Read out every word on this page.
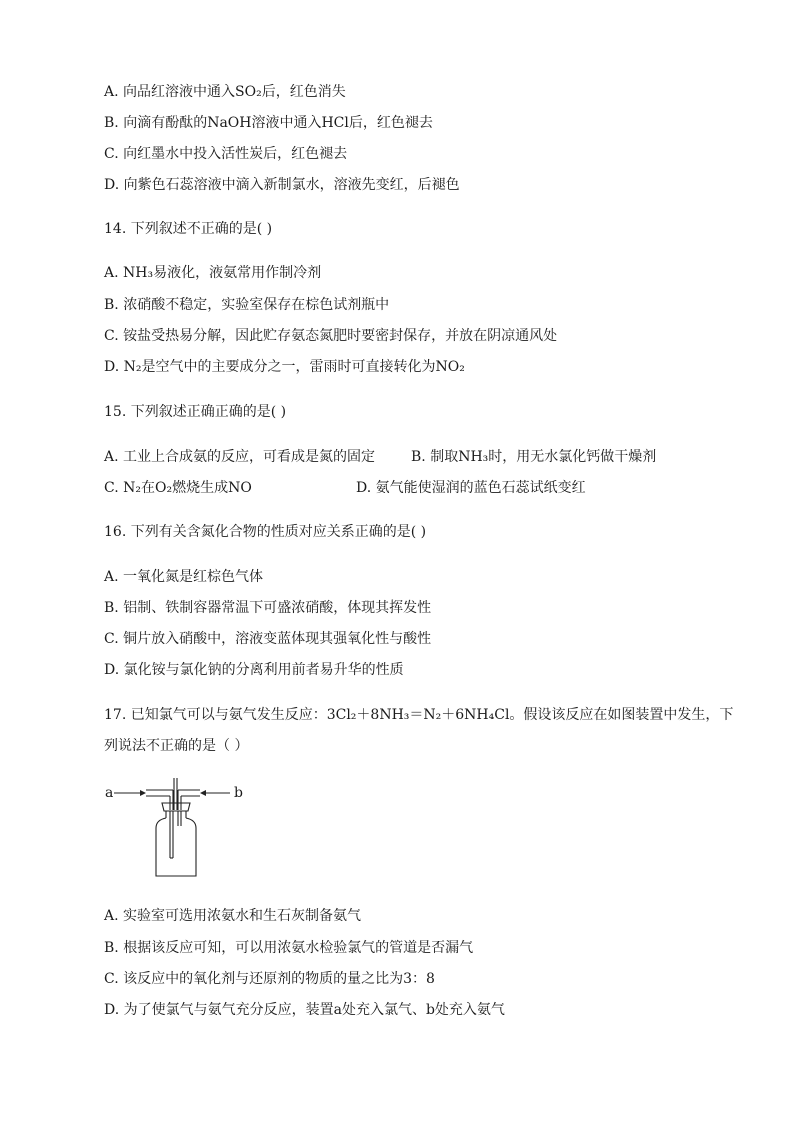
A. 向品红溶液中通入SO₂后，红色消失
B. 向滴有酚酞的NaOH溶液中通入HCl后，红色褪去
C. 向红墨水中投入活性炭后，红色褪去
D. 向紫色石蕊溶液中滴入新制氯水，溶液先变红，后褪色
14. 下列叙述不正确的是( )
A. NH₃易液化，液氨常用作制冷剂
B. 浓硝酸不稳定，实验室保存在棕色试剂瓶中
C. 铵盐受热易分解，因此贮存氨态氮肥时要密封保存，并放在阴凉通风处
D. N₂是空气中的主要成分之一，雷雨时可直接转化为NO₂
15. 下列叙述正确正确的是( )
A. 工业上合成氨的反应，可看成是氮的固定	B. 制取NH₃时，用无水氯化钙做干燥剂
C. N₂在O₂燃烧生成NO	D. 氨气能使湿润的蓝色石蕊试纸变红
16. 下列有关含氮化合物的性质对应关系正确的是( )
A. 一氧化氮是红棕色气体
B. 铝制、铁制容器常温下可盛浓硝酸，体现其挥发性
C. 铜片放入硝酸中，溶液变蓝体现其强氧化性与酸性
D. 氯化铵与氯化钠的分离利用前者易升华的性质
17. 已知氯气可以与氨气发生反应：3Cl₂＋8NH₃＝N₂＋6NH₄Cl。假设该反应在如图装置中发生，下
列说法不正确的是（ ）
a	b
A. 实验室可选用浓氨水和生石灰制备氨气
B. 根据该反应可知，可以用浓氨水检验氯气的管道是否漏气
C. 该反应中的氧化剂与还原剂的物质的量之比为3：8
D. 为了使氯气与氨气充分反应，装置a处充入氯气、b处充入氨气
